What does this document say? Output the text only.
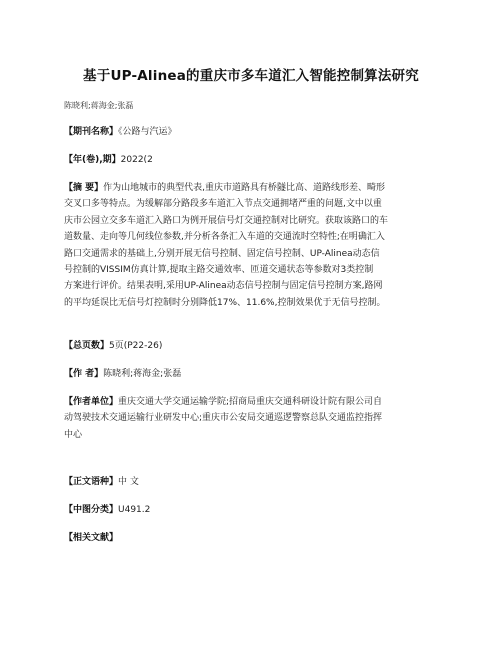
基于UP-Alinea的重庆市多车道汇入智能控制算法研究
陈晓利;蒋海金;张磊
【期刊名称】《公路与汽运》
【年(卷),期】2022(2
【摘 要】作为山地城市的典型代表,重庆市道路具有桥隧比高、道路线形差、畸形
交叉口多等特点。为缓解部分路段多车道汇入节点交通拥堵严重的问题,文中以重
庆市公园立交多车道汇入路口为例开展信号灯交通控制对比研究。获取该路口的车
道数量、走向等几何线位参数,并分析各条汇入车道的交通流时空特性;在明确汇入
路口交通需求的基础上,分别开展无信号控制、固定信号控制、UP-Alinea动态信
号控制的VISSIM仿真计算,提取主路交通效率、匝道交通状态等参数对3类控制
方案进行评价。结果表明,采用UP-Alinea动态信号控制与固定信号控制方案,路网
的平均延误比无信号灯控制时分别降低17%、11.6%,控制效果优于无信号控制。
【总页数】5页(P22-26)
【作 者】陈晓利;蒋海金;张磊
【作者单位】重庆交通大学交通运输学院;招商局重庆交通科研设计院有限公司自
动驾驶技术交通运输行业研发中心;重庆市公安局交通巡逻警察总队交通监控指挥
中心
【正文语种】中 文
【中图分类】U491.2
【相关文献】
